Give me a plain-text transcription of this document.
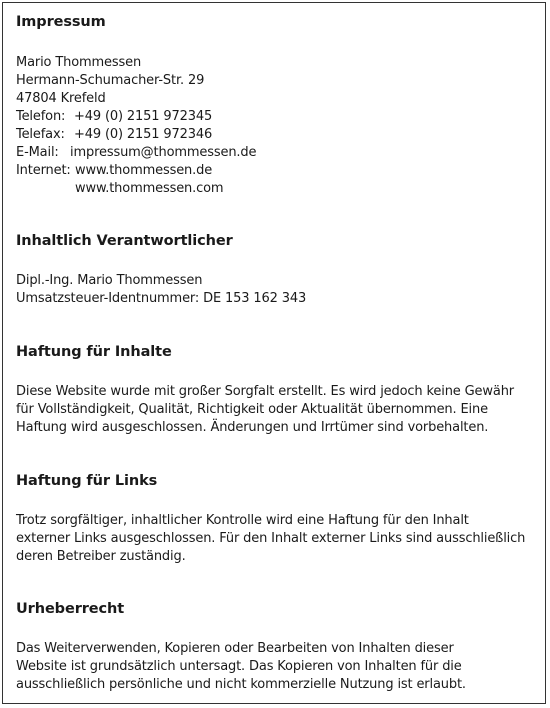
Impressum
Mario Thommessen
Hermann-Schumacher-Str. 29
47804 Krefeld
Telefon: +49 (0) 2151 972345
Telefax: +49 (0) 2151 972346
E-Mail: impressum@thommessen.de
Internet: www.thommessen.de
www.thommessen.com
Inhaltlich Verantwortlicher
Dipl.-Ing. Mario Thommessen
Umsatzsteuer-Identnummer: DE 153 162 343
Haftung für Inhalte
Diese Website wurde mit großer Sorgfalt erstellt. Es wird jedoch keine Gewähr
für Vollständigkeit, Qualität, Richtigkeit oder Aktualität übernommen. Eine
Haftung wird ausgeschlossen. Änderungen und Irrtümer sind vorbehalten.
Haftung für Links
Trotz sorgfältiger, inhaltlicher Kontrolle wird eine Haftung für den Inhalt
externer Links ausgeschlossen. Für den Inhalt externer Links sind ausschließlich
deren Betreiber zuständig.
Urheberrecht
Das Weiterverwenden, Kopieren oder Bearbeiten von Inhalten dieser
Website ist grundsätzlich untersagt. Das Kopieren von Inhalten für die
ausschließlich persönliche und nicht kommerzielle Nutzung ist erlaubt.
